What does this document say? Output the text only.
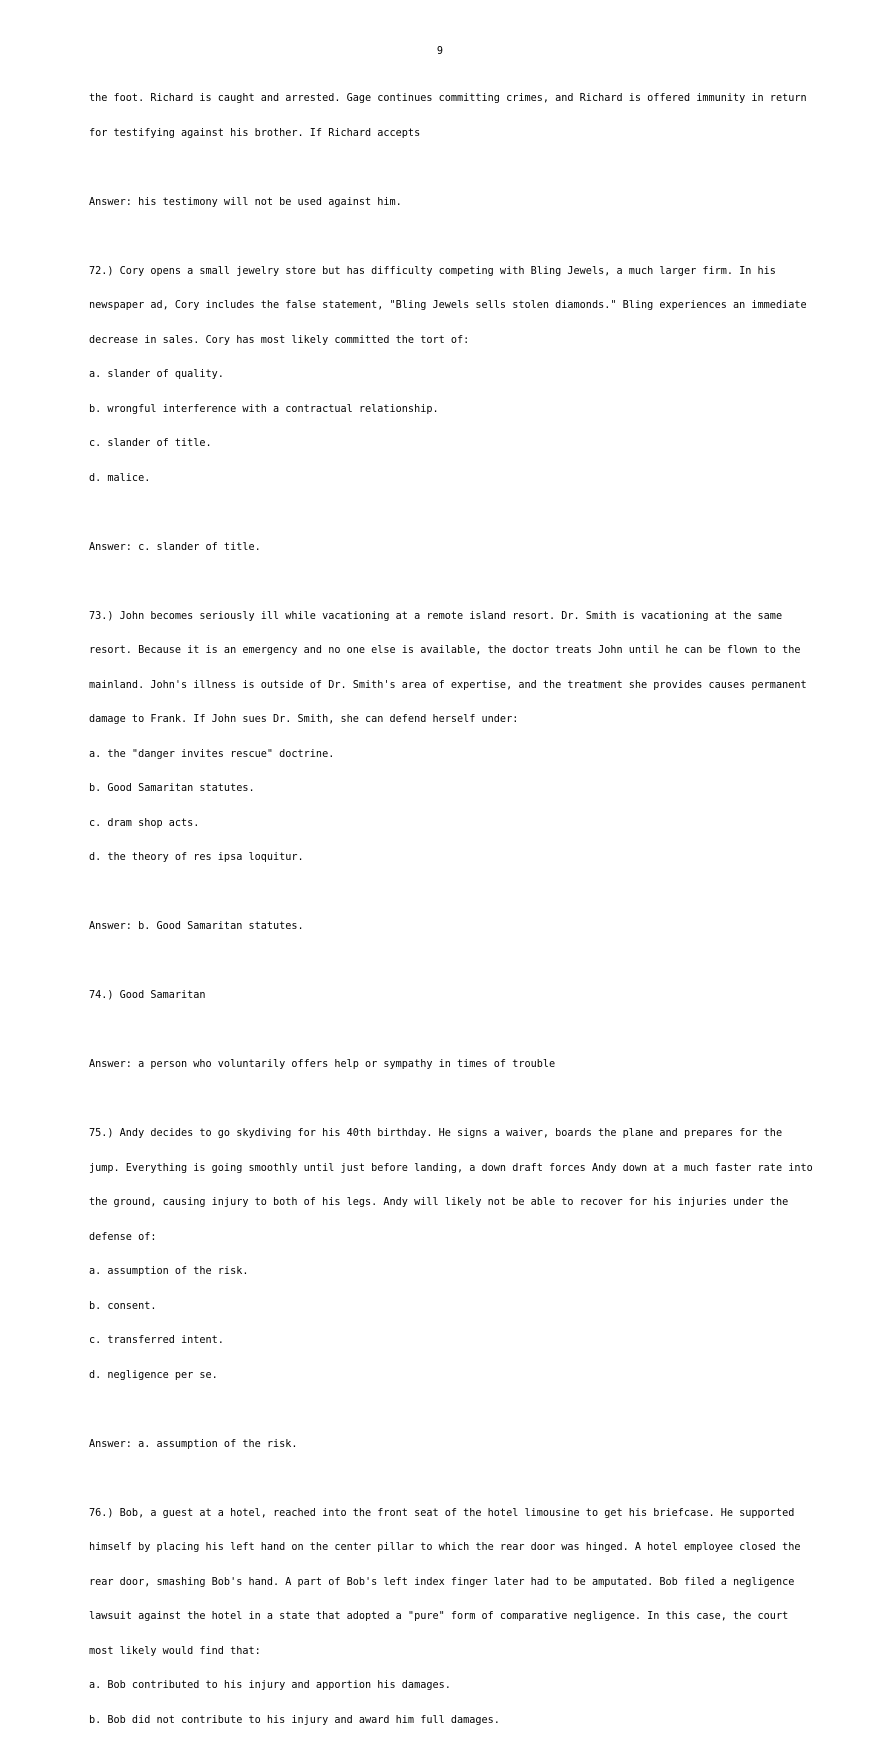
9

the foot. Richard is caught and arrested. Gage continues committing crimes, and Richard is offered immunity in return

for testifying against his brother. If Richard accepts

Answer: his testimony will not be used against him.

72.) Cory opens a small jewelry store but has difficulty competing with Bling Jewels, a much larger firm. In his

newspaper ad, Cory includes the false statement, "Bling Jewels sells stolen diamonds." Bling experiences an immediate

decrease in sales. Cory has most likely committed the tort of:

a. slander of quality.

b. wrongful interference with a contractual relationship.

c. slander of title.

d. malice.

Answer: c. slander of title.

73.) John becomes seriously ill while vacationing at a remote island resort. Dr. Smith is vacationing at the same

resort. Because it is an emergency and no one else is available, the doctor treats John until he can be flown to the

mainland. John's illness is outside of Dr. Smith's area of expertise, and the treatment she provides causes permanent

damage to Frank. If John sues Dr. Smith, she can defend herself under:

a. the "danger invites rescue" doctrine.

b. Good Samaritan statutes.

c. dram shop acts.

d. the theory of res ipsa loquitur.

Answer: b. Good Samaritan statutes.

74.) Good Samaritan

Answer: a person who voluntarily offers help or sympathy in times of trouble

75.) Andy decides to go skydiving for his 40th birthday. He signs a waiver, boards the plane and prepares for the

jump. Everything is going smoothly until just before landing, a down draft forces Andy down at a much faster rate into

the ground, causing injury to both of his legs. Andy will likely not be able to recover for his injuries under the

defense of:

a. assumption of the risk.

b. consent.

c. transferred intent.

d. negligence per se.

Answer: a. assumption of the risk.

76.) Bob, a guest at a hotel, reached into the front seat of the hotel limousine to get his briefcase. He supported

himself by placing his left hand on the center pillar to which the rear door was hinged. A hotel employee closed the

rear door, smashing Bob's hand. A part of Bob's left index finger later had to be amputated. Bob filed a negligence

lawsuit against the hotel in a state that adopted a "pure" form of comparative negligence. In this case, the court

most likely would find that:

a. Bob contributed to his injury and apportion his damages.

b. Bob did not contribute to his injury and award him full damages.
